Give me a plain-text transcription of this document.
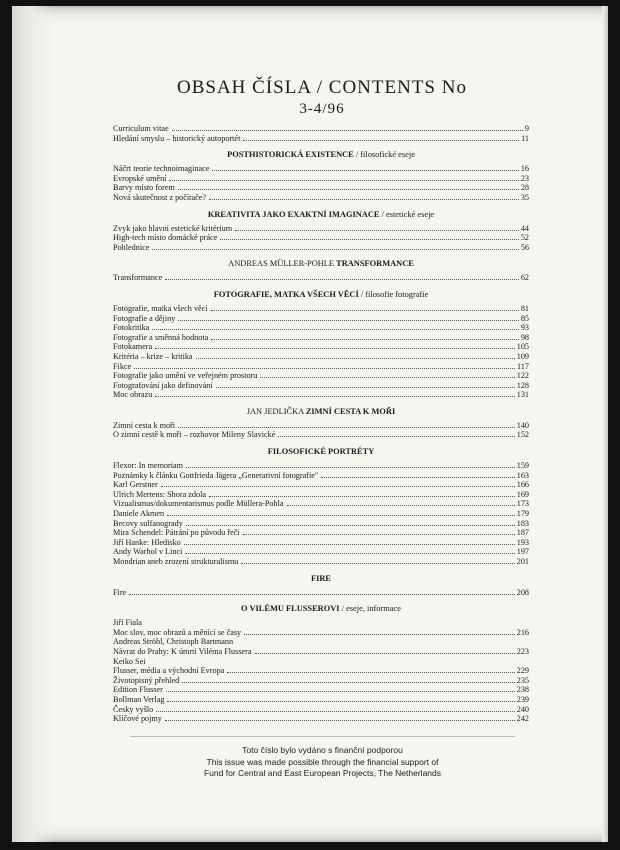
OBSAH ČÍSLA / CONTENTS No
3-4/96
Curriculum vitae	9
Hledání smyslu – historický autoportét	11
POSTHISTORICKÁ EXISTENCE / filosofické eseje
Náčrt teorie technoimaginace	16
Evropské umění	23
Barvy místo forem	28
Nová skutečnost z počítače?	35
KREATIVITA JAKO EXAKTNÍ IMAGINACE / estetické eseje
Zvyk jako hlavní estetické kritérium	44
High-tech místo domácké práce	52
Pohlednice	56
ANDREAS MÜLLER-POHLE TRANSFORMANCE
Transformance	62
FOTOGRAFIE, MATKA VŠECH VĚCÍ / filosofie fotografie
Fotografie, matka všech věcí	81
Fotografie a dějiny	85
Fotokritika	93
Fotografie a směnná hodnota	98
Fotokamera	105
Kritéria – krize – kritika	109
Fikce	117
Fotografie jako umění ve veřejném prostoru	122
Fotografování jako definování	128
Moc obrazu	131
JAN JEDLIČKA ZIMNÍ CESTA K MOŘI
Zimní cesta k moři	140
O zimní cestě k moři – rozhovor Mileny Slavické	152
FILOSOFICKÉ PORTRÉTY
Flexor: In memoriam	159
Poznámky k článku Gottfrieda Jägera „Generativní fotografie"	163
Karl Gerstner	166
Ulrich Mertens: Shora zdola	169
Vizualismus/dokumentarismus podle Müllera-Pohla	173
Daniele Akmen	179
Becovy sulfanogrady	183
Mira Schendel: Pátrání po původu řeči	187
Jiří Hanke: Hledisko	193
Andy Warhol v Linci	197
Mondrian aneb zrození strukturalismu	201
FIRE
Fire	208
O VILÉMU FLUSSEROVI / eseje, informace
Jiří Fiala
Moc slov, moc obrazů a měnící se časy	216
Andreas Ströhl, Christoph Bartmann
Návrat do Prahy: K úmrtí Viléma Flussera	223
Keiko Sei
Flusser, média a východní Evropa	229
Životopisný přehled	235
Edition Flusser	238
Bollman Verlag	239
Česky vyšlo	240
Klíčové pojmy	242
Toto číslo bylo vydáno s finanční podporou
This issue was made possible through the financial support of
Fund for Central and East European Projects, The Netherlands
